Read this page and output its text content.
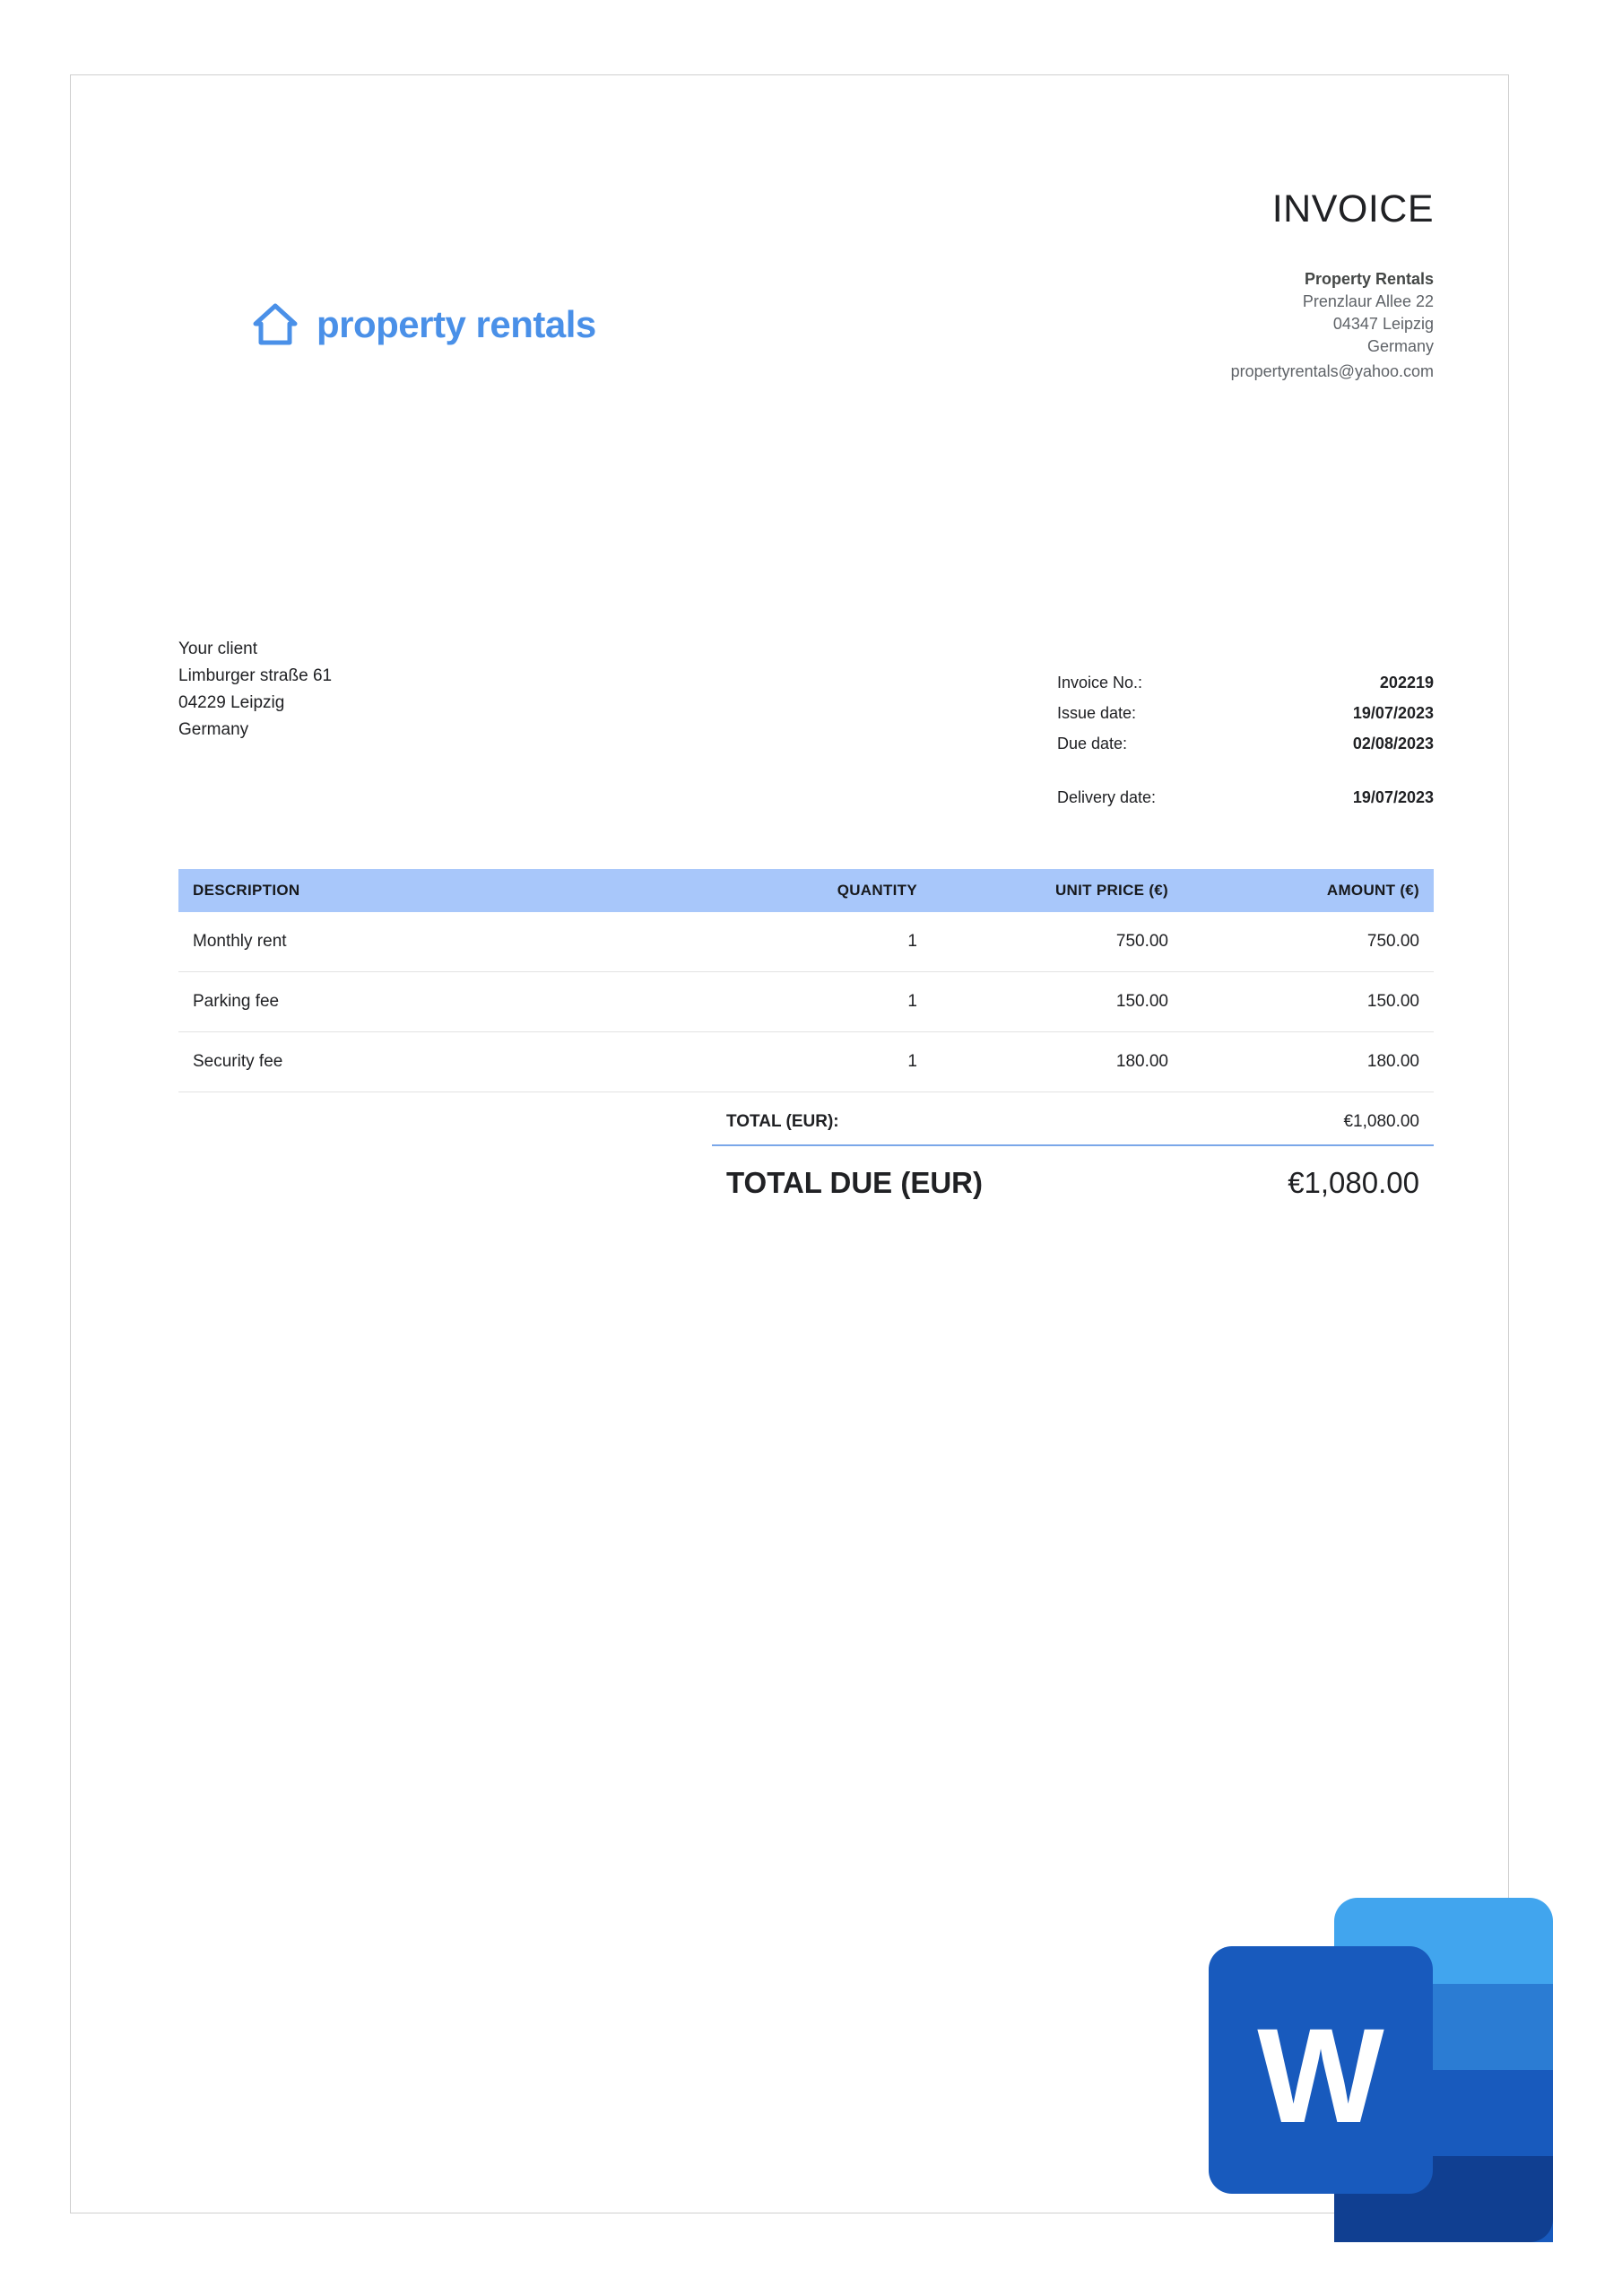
INVOICE
Property Rentals
Prenzlaur Allee 22
04347 Leipzig
Germany
propertyrentals@yahoo.com
property rentals
Your client
Limburger straße 61
04229 Leipzig
Germany
Invoice No.:	202219
Issue date:	19/07/2023
Due date:	02/08/2023
Delivery date:	19/07/2023
DESCRIPTION	QUANTITY	UNIT PRICE (€)	AMOUNT (€)
Monthly rent	1	750.00	750.00
Parking fee	1	150.00	150.00
Security fee	1	180.00	180.00
TOTAL (EUR):	€1,080.00
TOTAL DUE (EUR)	€1,080.00
W
